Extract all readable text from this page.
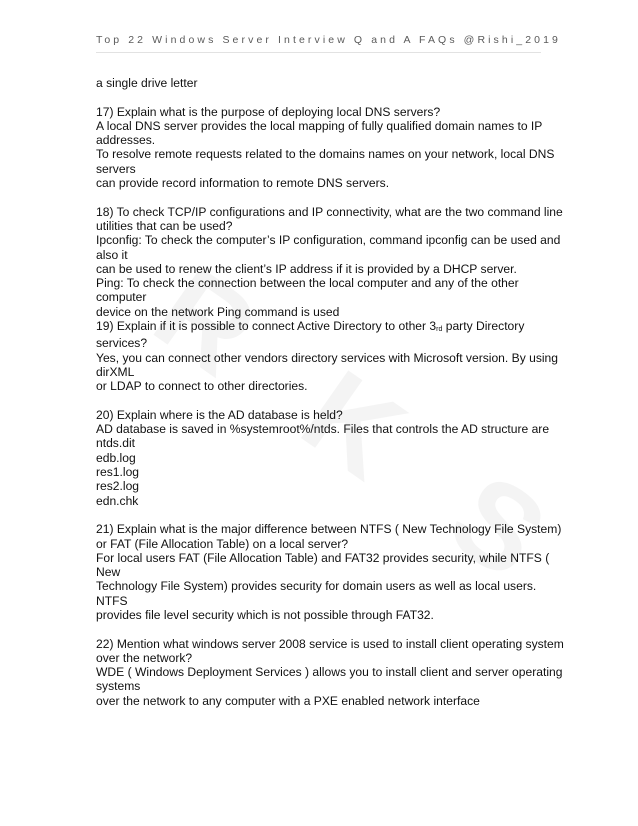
Top 22 Windows Server Interview Q and A FAQs @Rishi_2019
a single drive letter
17) Explain what is the purpose of deploying local DNS servers?
A local DNS server provides the local mapping of fully qualified domain names to IP
addresses.
To resolve remote requests related to the domains names on your network, local DNS
servers
can provide record information to remote DNS servers.
18) To check TCP/IP configurations and IP connectivity, what are the two command line
utilities that can be used?
Ipconfig: To check the computer’s IP configuration, command ipconfig can be used and
also it
can be used to renew the client’s IP address if it is provided by a DHCP server.
Ping: To check the connection between the local computer and any of the other
computer
device on the network Ping command is used
19) Explain if it is possible to connect Active Directory to other 3rd party Directory
services?
Yes, you can connect other vendors directory services with Microsoft version. By using
dirXML
or LDAP to connect to other directories.
20) Explain where is the AD database is held?
AD database is saved in %systemroot%/ntds. Files that controls the AD structure are
ntds.dit
edb.log
res1.log
res2.log
edn.chk
21) Explain what is the major difference between NTFS ( New Technology File System)
or FAT (File Allocation Table) on a local server?
For local users FAT (File Allocation Table) and FAT32 provides security, while NTFS (
New
Technology File System) provides security for domain users as well as local users.
NTFS
provides file level security which is not possible through FAT32.
22) Mention what windows server 2008 service is used to install client operating system
over the network?
WDE ( Windows Deployment Services ) allows you to install client and server operating
systems
over the network to any computer with a PXE enabled network interface
